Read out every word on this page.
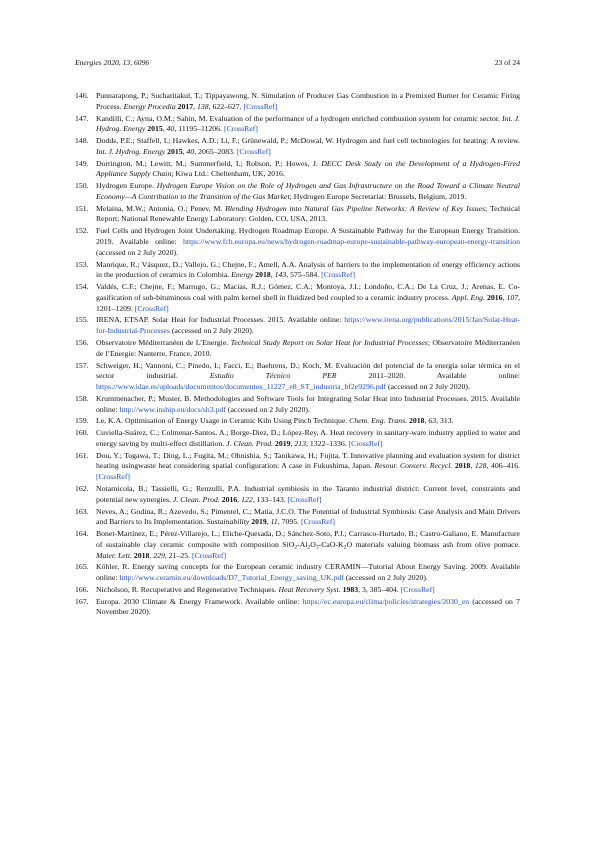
Energies 2020, 13, 6096	23 of 24
146. Punnarapong, P.; Sucharitakul, T.; Tippayawong, N. Simulation of Producer Gas Combustion in a Premixed Burner for Ceramic Firing Process. Energy Procedia 2017, 138, 622–627. [CrossRef]
147. Kandilli, C.; Ayna, O.M.; Sahin, M. Evaluation of the performance of a hydrogen enriched combustion system for ceramic sector. Int. J. Hydrog. Energy 2015, 40, 11195–11206. [CrossRef]
148. Dodds, P.E.; Staffell, I.; Hawkes, A.D.; Li, F.; Grünewald, P.; McDowal, W. Hydrogen and fuel cell technologies for heating: A review. Int. J. Hydrog. Energy 2015, 40, 2065–2083. [CrossRef]
149. Dorrington, M.; Lewitt, M.; Summerfield, I.; Robson, P.; Howes, J. DECC Desk Study on the Development of a Hydrogen-Fired Appliance Supply Chain; Kiwa Ltd.: Cheltenham, UK, 2016.
150. Hydrogen Europe. Hydrogen Europe Vision on the Role of Hydrogen and Gas Infrastructure on the Road Toward a Climate Neutral Economy—A Contribution to the Transition of the Gas Market; Hydrogen Europe Secretariat: Brussels, Belgium, 2019.
151. Melaina, M.W.; Antonia, O.; Penev, M. Blending Hydrogen into Natural Gas Pipeline Networks: A Review of Key Issues; Technical Report; National Renewable Energy Laboratory: Golden, CO, USA, 2013.
152. Fuel Cells and Hydrogen Joint Undertaking. Hydrogen Roadmap Europe. A Sustainable Pathway for the European Energy Transition. 2019. Available online: https://www.fch.europa.eu/news/hydrogen-roadmap-europe-sustainable-pathway-european-energy-transition (accessed on 2 July 2020).
153. Manrique, R.; Vásquez, D.; Vallejo, G.; Chejne, F.; Amell, A.A. Analysis of barriers to the implementation of energy efficiency actions in the production of ceramics in Colombia. Energy 2018, 143, 575–584. [CrossRef]
154. Valdés, C.F.; Chejne, F.; Marrugo, G.; Macias, R.J.; Gómez, C.A.; Montoya, J.I.; Londoño, C.A.; De La Cruz, J.; Arenas, E. Co-gasification of sub-bituminous coal with palm kernel shell in fluidized bed coupled to a ceramic industry process. Appl. Eng. 2016, 107, 1201–1209. [CrossRef]
155. IRENA, ETSAP. Solar Heat for Industrial Processes. 2015. Available online: https://www.irena.org/publications/2015/Jan/Solar-Heat-for-Industrial-Processes (accessed on 2 July 2020).
156. Observatoire Méditerranéen de L’Energie. Technical Study Report on Solar Heat for Industrial Processes; Observatoire Méditerranéen de l’Energie: Nanterre, France, 2010.
157. Schweiger, H.; Vannoni, C.; Pinedo, I.; Facci, E.; Baehrens, D.; Koch, M. Evaluación del potencial de la energía solar térmica en el sector industrial. Estudio Técnico PER 2011–2020. Available online: https://www.idae.es/uploads/documentos/documentos_11227_e8_ST_industria_bf2e9296.pdf (accessed on 2 July 2020).
158. Krummenacher, P.; Muster, B. Methodologies and Software Tools for Integrating Solar Heat into Industrial Processes. 2015. Available online: http://www.inship.eu/docs/sh3.pdf (accessed on 2 July 2020).
159. Le, K.A. Optimisation of Energy Usage in Ceramic Kiln Using Pinch Technique. Chem. Eng. Trans. 2018, 63, 313.
160. Cuviella-Suárez, C.; Colmenar-Santos, A.; Borge-Diez, D.; López-Rey, A. Heat recovery in sanitary-ware industry applied to water and energy saving by multi-effect distillation. J. Clean. Prod. 2019, 213, 1322–1336. [CrossRef]
161. Dou, Y.; Togawa, T.; Ding, L.; Fugita, M.; Ohnishia, S.; Tanikawa, H.; Fujita, T. Innovative planning and evaluation system for district heating usingwaste heat considering spatial configuration: A case in Fukushima, Japan. Resour. Conserv. Recycl. 2018, 128, 406–416. [CrossRef]
162. Notarnicola, B.; Tassielli, G.; Renzulli, P.A. Industrial symbiosis in the Taranto industrial district: Current level, constraints and potential new synergies. J. Clean. Prod. 2016, 122, 133–143. [CrossRef]
163. Neves, A.; Godina, R.; Azevedo, S.; Pimentel, C.; Matia, J.C.O. The Potential of Industrial Symbiosis: Case Analysis and Main Drivers and Barriers to Its Implementation. Sustainability 2019, 11, 7095. [CrossRef]
164. Bonet-Martínez, E.; Pérez-Villarejo, L.; Eliche-Quesada, D.; Sánchez-Soto, P.J.; Carrasco-Hurtado, B.; Castro-Galiano, E. Manufacture of sustainable clay ceramic composite with composition $SiO_2-Al_2O_3-CaO-K_2O$ materials valuing biomass ash from olive pomace. Mater. Lett. 2018, 229, 21–25. [CrossRef]
165. Köhler, R. Energy saving concepts for the European ceramic industry CERAMIN—Tutorial About Energy Saving. 2009. Available online: http://www.ceramin.eu/downloads/D7_Tutorial_Energy_saving_UK.pdf (accessed on 2 July 2020).
166. Nicholson, R. Recuperative and Regenerative Techniques. Heat Recovery Syst. 1983, 3, 385–404. [CrossRef]
167. Europa. 2030 Climate & Energy Framework. Available online: https://ec.europa.eu/clima/policies/strategies/2030_en (accessed on 7 November 2020).
